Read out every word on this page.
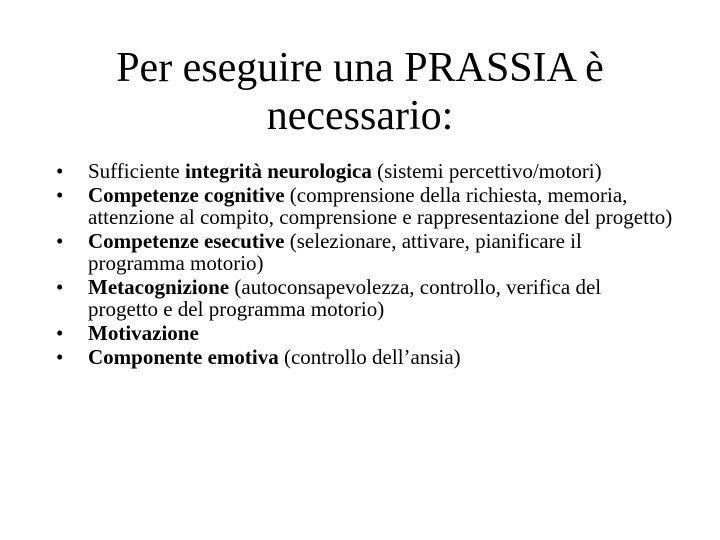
Per eseguire una PRASSIA è
necessario:
•	Sufficiente integrità neurologica (sistemi percettivo/motori)
•	Competenze cognitive (comprensione della richiesta, memoria, attenzione al compito, comprensione e rappresentazione del progetto)
•	Competenze esecutive (selezionare, attivare, pianificare il programma motorio)
•	Metacognizione (autoconsapevolezza, controllo, verifica del progetto e del programma motorio)
•	Motivazione
•	Componente emotiva (controllo dell’ansia)
